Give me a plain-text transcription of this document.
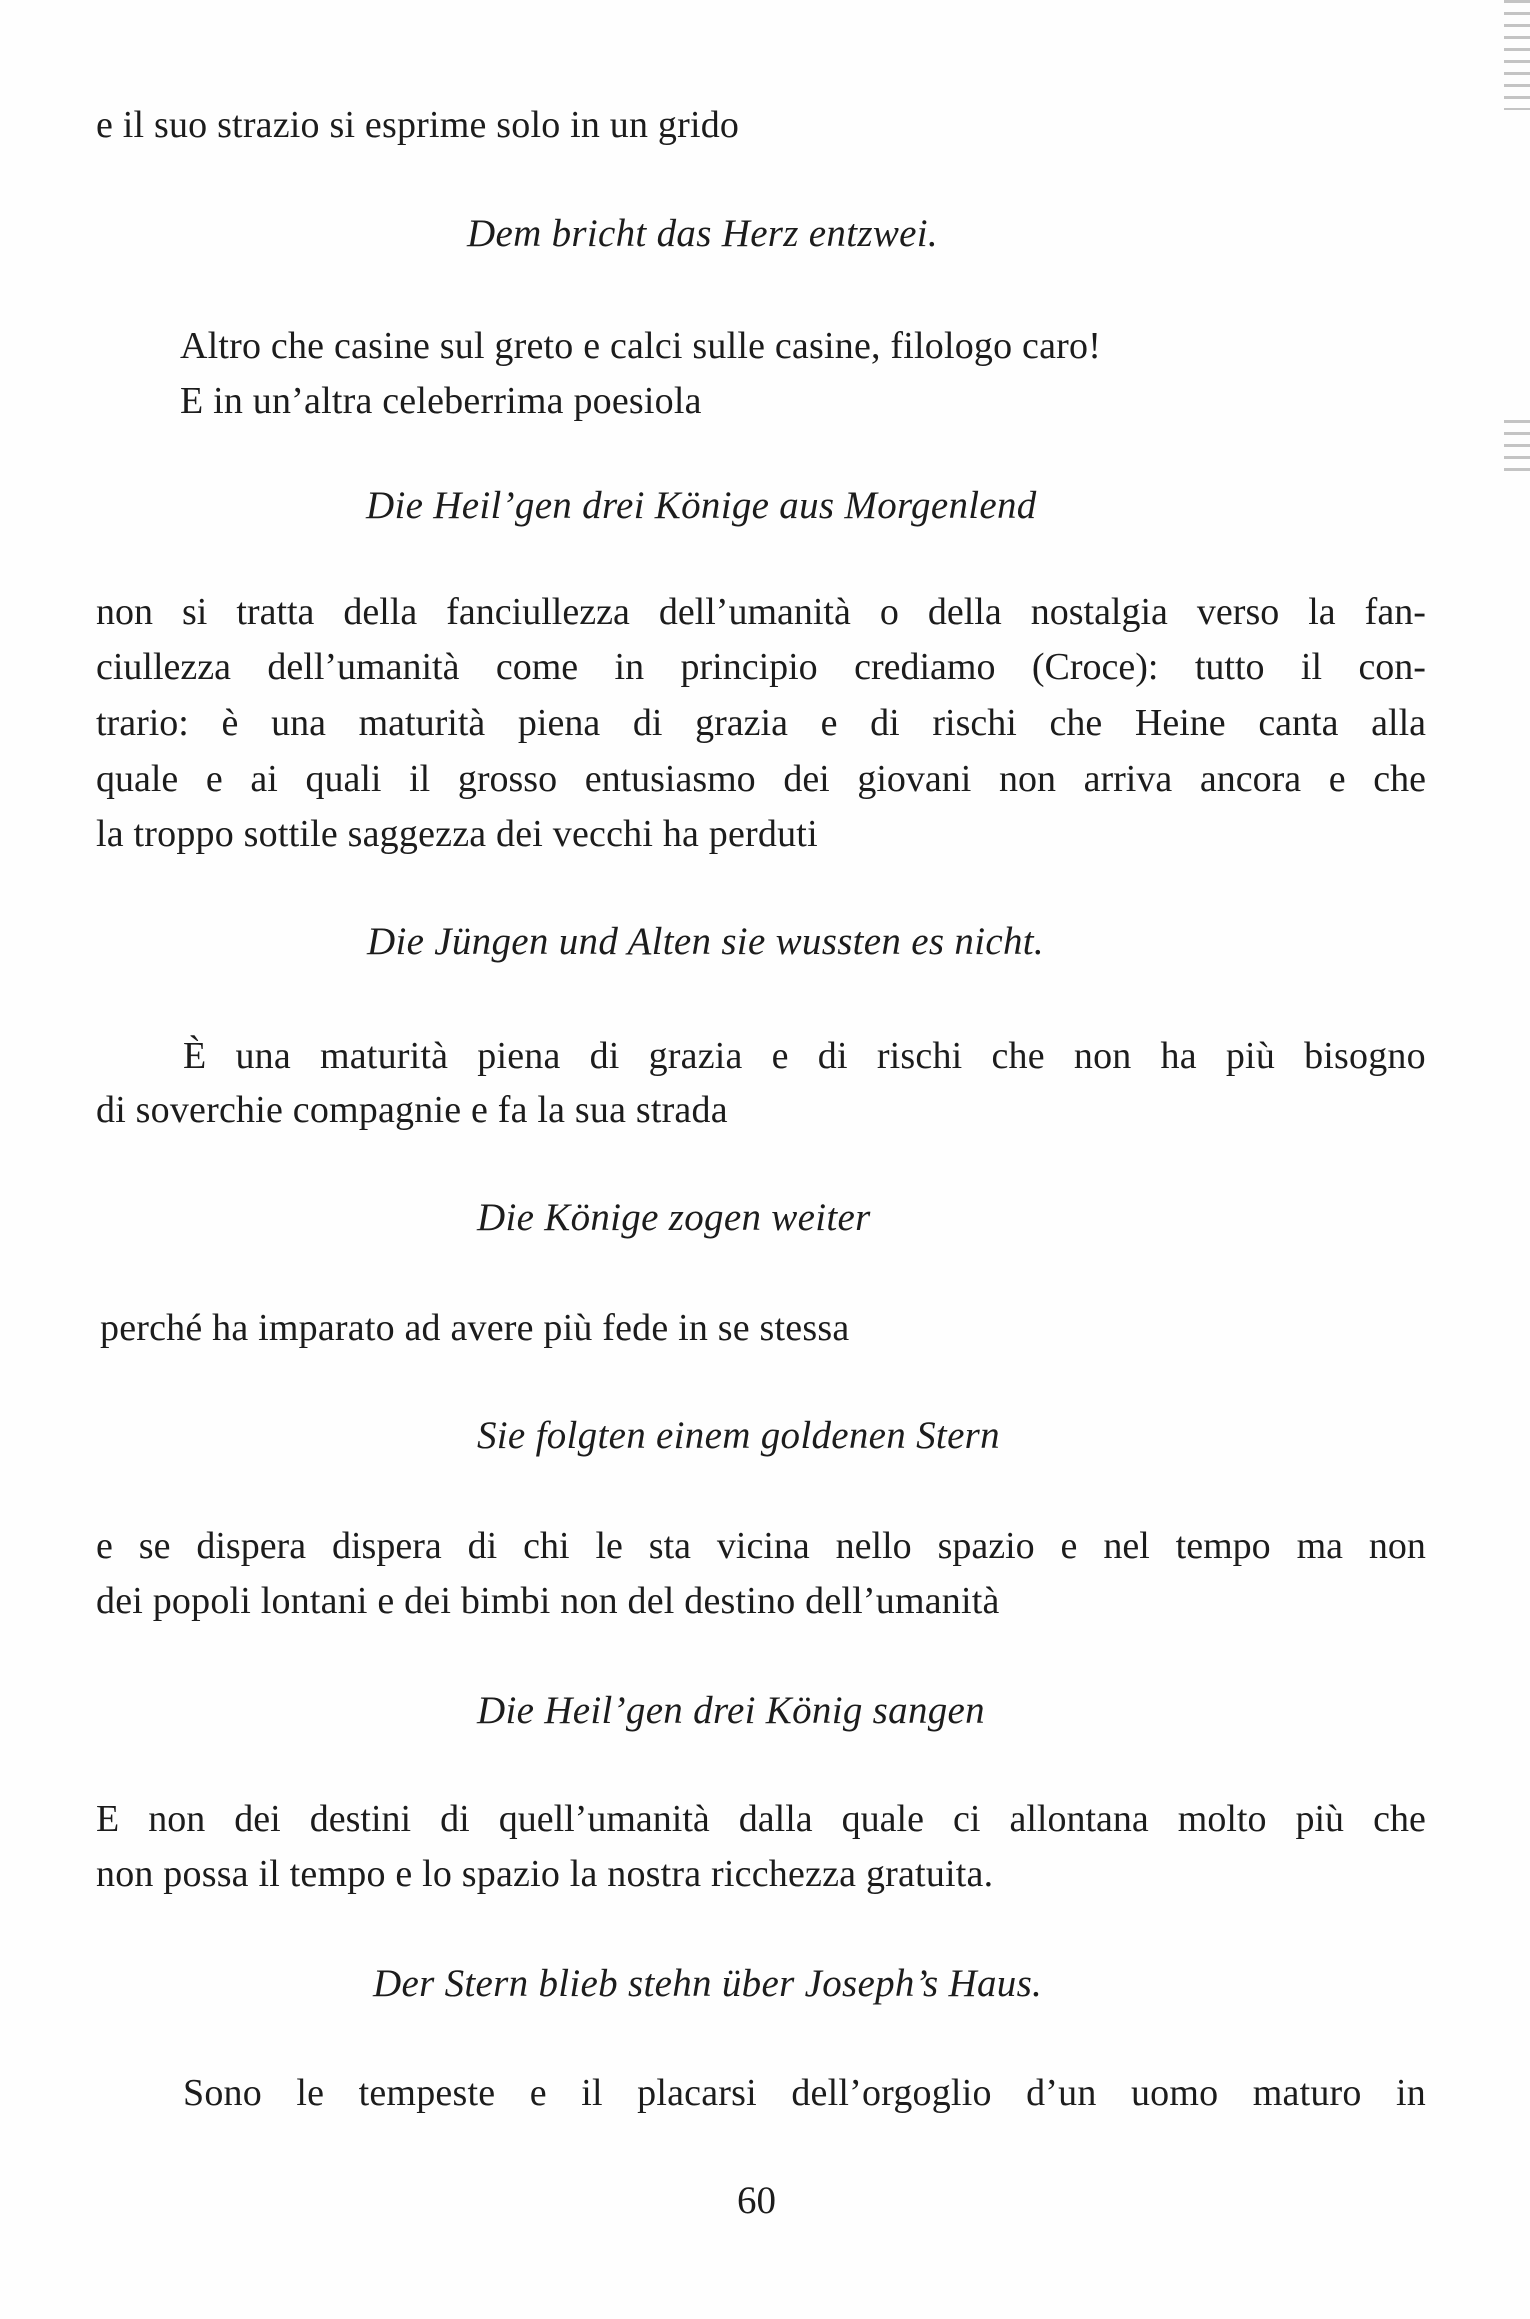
e il suo strazio si esprime solo in un grido
Dem bricht das Herz entzwei.
Altro che casine sul greto e calci sulle casine, filologo caro!
E in un’altra celeberrima poesiola
Die Heil’gen drei Könige aus Morgenlend
non si tratta della fanciullezza dell’umanità o della nostalgia verso la fan-
ciullezza dell’umanità come in principio crediamo (Croce): tutto il con-
trario: è una maturità piena di grazia e di rischi che Heine canta alla
quale e ai quali il grosso entusiasmo dei giovani non arriva ancora e che
la troppo sottile saggezza dei vecchi ha perduti
Die Jüngen und Alten sie wussten es nicht.
È una maturità piena di grazia e di rischi che non ha più bisogno
di soverchie compagnie e fa la sua strada
Die Könige zogen weiter
perché ha imparato ad avere più fede in se stessa
Sie folgten einem goldenen Stern
e se dispera dispera di chi le sta vicina nello spazio e nel tempo ma non
dei popoli lontani e dei bimbi non del destino dell’umanità
Die Heil’gen drei König sangen
E non dei destini di quell’umanità dalla quale ci allontana molto più che
non possa il tempo e lo spazio la nostra ricchezza gratuita.
Der Stern blieb stehn über Joseph’s Haus.
Sono le tempeste e il placarsi dell’orgoglio d’un uomo maturo in
60
